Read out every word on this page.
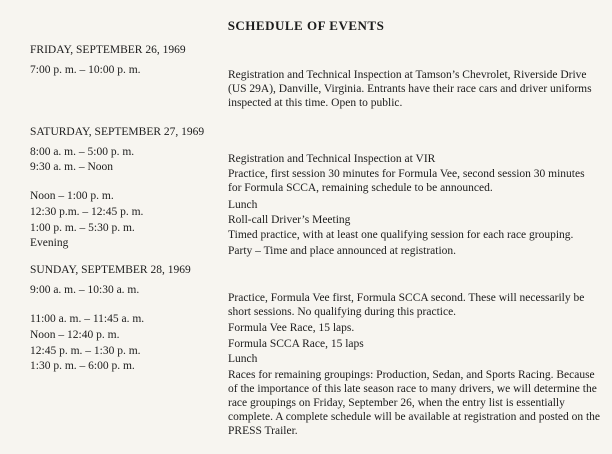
SCHEDULE OF EVENTS
FRIDAY, SEPTEMBER 26, 1969
7:00 p. m. – 10:00 p. m.	Registration and Technical Inspection at Tamson’s Chevrolet, Riverside Drive (US 29A), Danville, Virginia. Entrants have their race cars and driver uniforms inspected at this time. Open to public.
SATURDAY, SEPTEMBER 27, 1969
8:00 a. m. – 5:00 p. m.
9:30 a. m. – Noon
Noon – 1:00 p. m.
12:30 p.m. – 12:45 p. m.
1:00 p. m. – 5:30 p. m.
Evening
Registration and Technical Inspection at VIR
Practice, first session 30 minutes for Formula Vee, second session 30 minutes for Formula SCCA, remaining schedule to be announced.
Lunch
Roll-call Driver’s Meeting
Timed practice, with at least one qualifying session for each race grouping.
Party – Time and place announced at registration.
SUNDAY, SEPTEMBER 28, 1969
9:00 a. m. – 10:30 a. m.
11:00 a. m. – 11:45 a. m.
Noon – 12:40 p. m.
12:45 p. m. – 1:30 p. m.
1:30 p. m. – 6:00 p. m.
Practice, Formula Vee first, Formula SCCA second. These will necessarily be short sessions. No qualifying during this practice.
Formula Vee Race, 15 laps.
Formula SCCA Race, 15 laps
Lunch
Races for remaining groupings: Production, Sedan, and Sports Racing. Because of the importance of this late season race to many drivers, we will determine the race groupings on Friday, September 26, when the entry list is essentially complete. A complete schedule will be available at registration and posted on the PRESS Trailer.
